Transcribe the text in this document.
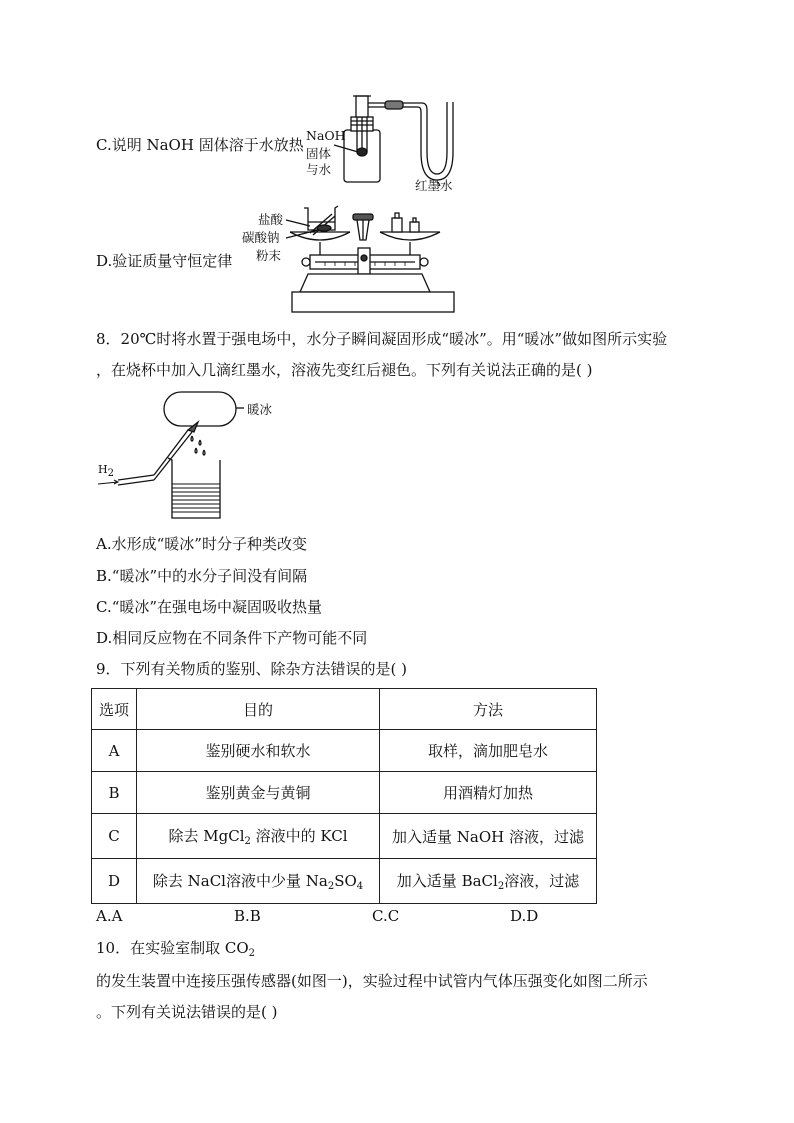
C.说明 NaOH 固体溶于水放热
NaOH
固体
与水
红墨水
D.验证质量守恒定律
盐酸
碳酸钠
粉末
8．20℃时将水置于强电场中，水分子瞬间凝固形成“暖冰”。用“暖冰”做如图所示实验
，在烧杯中加入几滴红墨水，溶液先变红后褪色。下列有关说法正确的是( )
暖冰
$H_2$
A.水形成“暖冰”时分子种类改变
B.“暖冰”中的水分子间没有间隔
C.“暖冰”在强电场中凝固吸收热量
D.相同反应物在不同条件下产物可能不同
9．下列有关物质的鉴别、除杂方法错误的是( )
选项	目的	方法
A	鉴别硬水和软水	取样，滴加肥皂水
B	鉴别黄金与黄铜	用酒精灯加热
C	除去 MgCl$_2$ 溶液中的 KCl	加入适量 NaOH 溶液，过滤
D	除去 NaCl溶液中少量 $Na_2SO_4$	加入适量 BaCl$_2$溶液，过滤
A.A	B.B	C.C	D.D
10．在实验室制取 $CO_2$
的发生装置中连接压强传感器(如图一)，实验过程中试管内气体压强变化如图二所示
。下列有关说法错误的是( )
